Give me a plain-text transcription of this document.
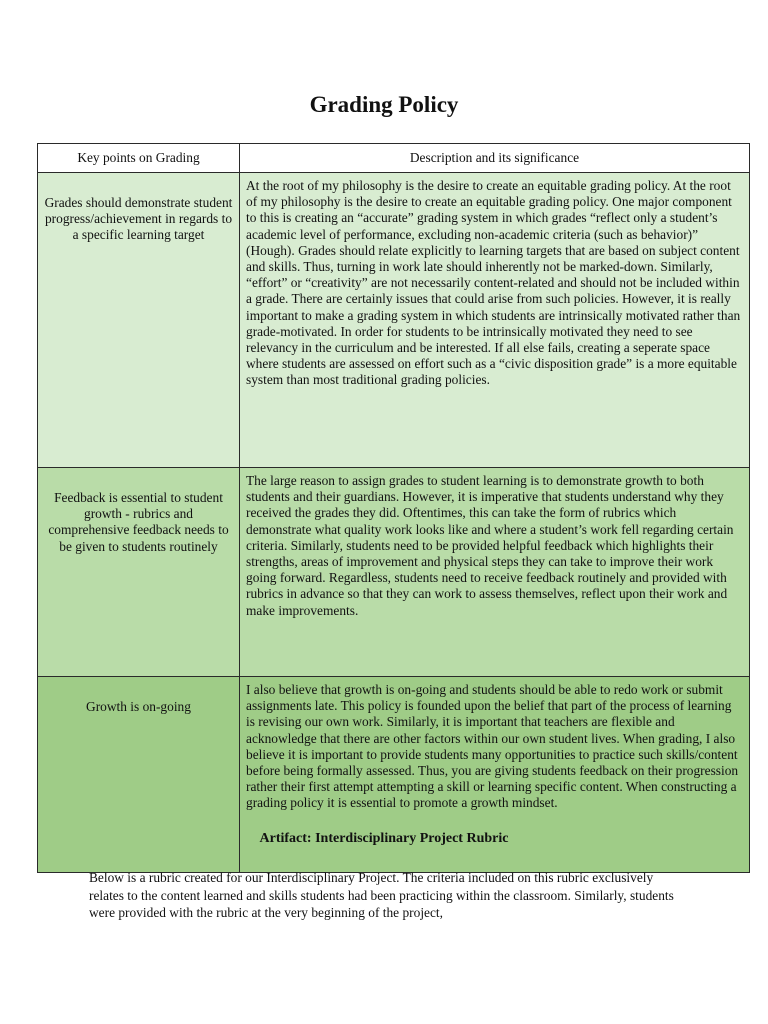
Grading Policy
Key points on Grading	Description and its significance
Grades should demonstrate student progress/achievement in regards to a specific learning target	At the root of my philosophy is the desire to create an equitable grading policy. At the root of my philosophy is the desire to create an equitable grading policy. One major component to this is creating an “accurate” grading system in which grades “reflect only a student’s academic level of performance, excluding non-academic criteria (such as behavior)” (Hough). Grades should relate explicitly to learning targets that are based on subject content and skills. Thus, turning in work late should inherently not be marked-down. Similarly, “effort” or “creativity” are not necessarily content-related and should not be included within a grade. There are certainly issues that could arise from such policies. However, it is really important to make a grading system in which students are intrinsically motivated rather than grade-motivated. In order for students to be intrinsically motivated they need to see relevancy in the curriculum and be interested. If all else fails, creating a seperate space where students are assessed on effort such as a “civic disposition grade” is a more equitable system than most traditional grading policies.
Feedback is essential to student growth - rubrics and comprehensive feedback needs to be given to students routinely	The large reason to assign grades to student learning is to demonstrate growth to both students and their guardians. However, it is imperative that students understand why they received the grades they did. Oftentimes, this can take the form of rubrics which demonstrate what quality work looks like and where a student’s work fell regarding certain criteria. Similarly, students need to be provided helpful feedback which highlights their strengths, areas of improvement and physical steps they can take to improve their work going forward. Regardless, students need to receive feedback routinely and provided with rubrics in advance so that they can work to assess themselves, reflect upon their work and make improvements.
Growth is on-going	I also believe that growth is on-going and students should be able to redo work or submit assignments late. This policy is founded upon the belief that part of the process of learning is revising our own work. Similarly, it is important that teachers are flexible and acknowledge that there are other factors within our own student lives. When grading, I also believe it is important to provide students many opportunities to practice such skills/content before being formally assessed. Thus, you are giving students feedback on their progression rather their first attempt attempting a skill or learning specific content. When constructing a grading policy it is essential to promote a growth mindset.
Artifact: Interdisciplinary Project Rubric
Below is a rubric created for our Interdisciplinary Project. The criteria included on this rubric exclusively relates to the content learned and skills students had been practicing within the classroom. Similarly, students were provided with the rubric at the very beginning of the project,
